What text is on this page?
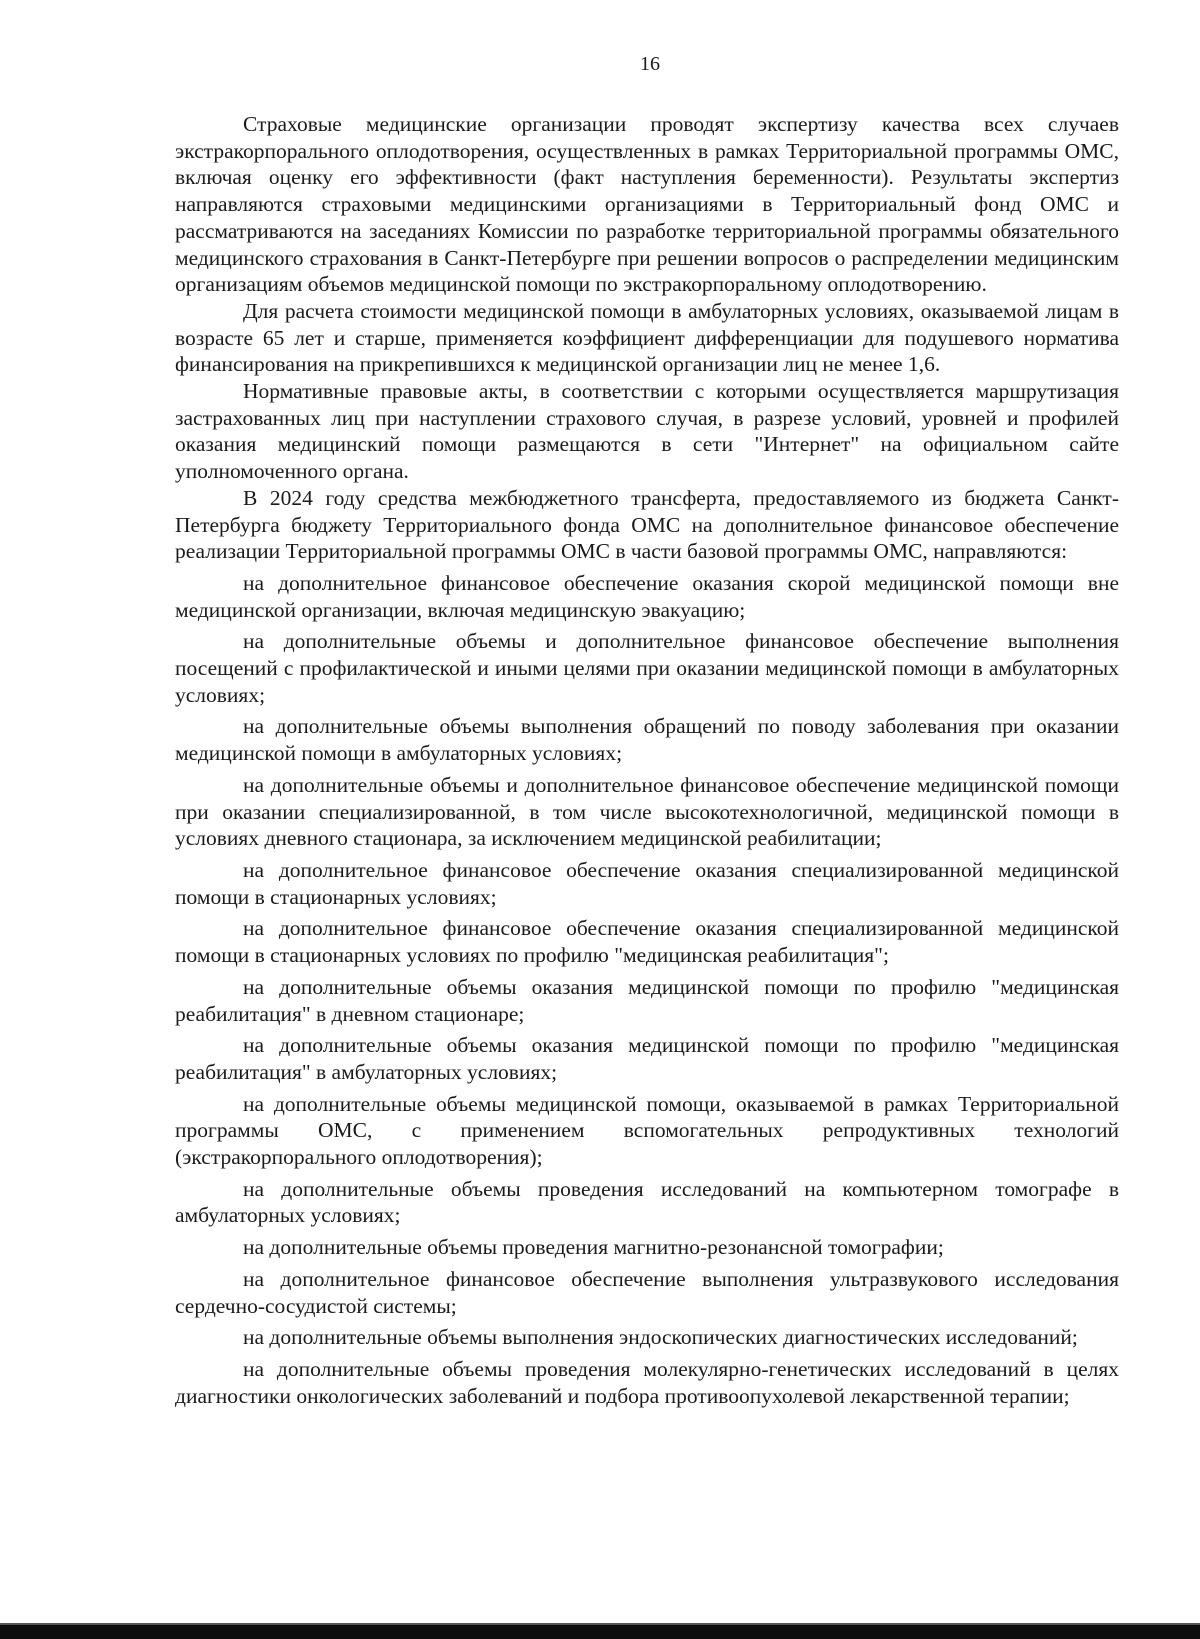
16

Страховые медицинские организации проводят экспертизу качества всех случаев экстракорпорального оплодотворения, осуществленных в рамках Территориальной программы ОМС, включая оценку его эффективности (факт наступления беременности). Результаты экспертиз направляются страховыми медицинскими организациями в Территориальный фонд ОМС и рассматриваются на заседаниях Комиссии по разработке территориальной программы обязательного медицинского страхования в Санкт-Петербурге при решении вопросов о распределении медицинским организациям объемов медицинской помощи по экстракорпоральному оплодотворению.

Для расчета стоимости медицинской помощи в амбулаторных условиях, оказываемой лицам в возрасте 65 лет и старше, применяется коэффициент дифференциации для подушевого норматива финансирования на прикрепившихся к медицинской организации лиц не менее 1,6.

Нормативные правовые акты, в соответствии с которыми осуществляется маршрутизация застрахованных лиц при наступлении страхового случая, в разрезе условий, уровней и профилей оказания медицинский помощи размещаются в сети "Интернет" на официальном сайте уполномоченного органа.

В 2024 году средства межбюджетного трансферта, предоставляемого из бюджета Санкт-Петербурга бюджету Территориального фонда ОМС на дополнительное финансовое обеспечение реализации Территориальной программы ОМС в части базовой программы ОМС, направляются:

на дополнительное финансовое обеспечение оказания скорой медицинской помощи вне медицинской организации, включая медицинскую эвакуацию;

на дополнительные объемы и дополнительное финансовое обеспечение выполнения посещений с профилактической и иными целями при оказании медицинской помощи в амбулаторных условиях;

на дополнительные объемы выполнения обращений по поводу заболевания при оказании медицинской помощи в амбулаторных условиях;

на дополнительные объемы и дополнительное финансовое обеспечение медицинской помощи при оказании специализированной, в том числе высокотехнологичной, медицинской помощи в условиях дневного стационара, за исключением медицинской реабилитации;

на дополнительное финансовое обеспечение оказания специализированной медицинской помощи в стационарных условиях;

на дополнительное финансовое обеспечение оказания специализированной медицинской помощи в стационарных условиях по профилю "медицинская реабилитация";

на дополнительные объемы оказания медицинской помощи по профилю "медицинская реабилитация" в дневном стационаре;

на дополнительные объемы оказания медицинской помощи по профилю "медицинская реабилитация" в амбулаторных условиях;

на дополнительные объемы медицинской помощи, оказываемой в рамках Территориальной программы ОМС, с применением вспомогательных репродуктивных технологий (экстракорпорального оплодотворения);

на дополнительные объемы проведения исследований на компьютерном томографе в амбулаторных условиях;

на дополнительные объемы проведения магнитно-резонансной томографии;

на дополнительное финансовое обеспечение выполнения ультразвукового исследования сердечно-сосудистой системы;

на дополнительные объемы выполнения эндоскопических диагностических исследований;

на дополнительные объемы проведения молекулярно-генетических исследований в целях диагностики онкологических заболеваний и подбора противоопухолевой лекарственной терапии;
